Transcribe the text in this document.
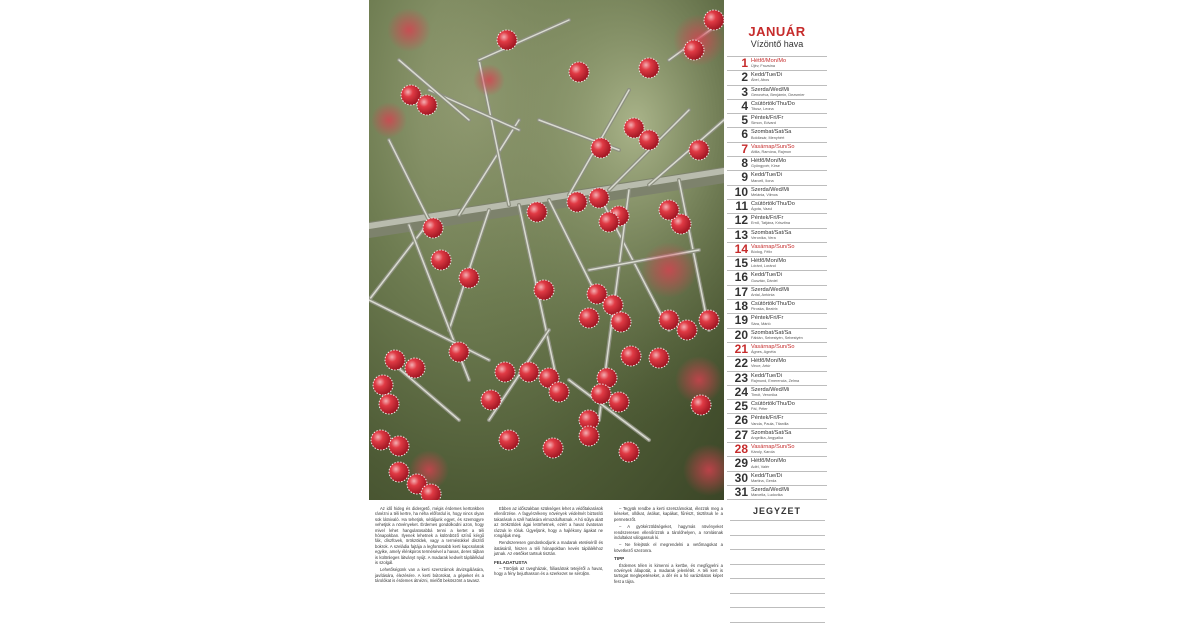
Az idő hideg és didergető, mégis érdemes kertünkben ránézni a téli kertre, ha néha előfordul is, hogy nincs olyan sok látnivaló. Ha tehetjük, sétáljunk egyet, és szemügyre vehetjük a növényeket. Érdemes gondolkodni azon, hogy mivel lehet hangulatosabbá tenni a kertet a téli hónapokban. Ilyenek lehetnek a különböző színű kérgű fák, díszfüvek, örökzöldek, vagy a termésükkel díszítő bokrok. A szeládia fajtája a legfontosabb kerti kapcsolatok egyike, amely élénkpiros termésével a havas, deres tájban is különleges látványt nyújt. A madarak kedvelt táplálékául is szolgál.

Lehetőségünk van a kerti szerszámok átvizsgálására, javítására, élezésére. A kerti bútorokat, a gépeket és a tárolókat is érdemes átnézni, mielőtt beköszönt a tavasz.

Ebben az időszakban szükséges lehet a védőtakarások ellenőrzése. A fagyérzékeny növények védelmét biztosító takarások a szél hatására elmozdulhatnak. A hó súlya alatt az örökzöldek ágai letörhetnek, ezért a havat óvatosan rázzuk le róluk. Ügyeljünk, hogy a hajlékony ágakat ne rongáljuk meg.

Rendszeresen gondoskodjunk a madarak etetéséről és itatásáról, hiszen a téli hónapokban kevés táplálékhoz jutnak. Az etetőket tartsuk tisztán.

FELADATUSTA

– Töröljük az üvegházak, fóliasátrak tetejéről a havat, hogy a fény bejuthasson és a szerkezet ne sérüljön.

– Tegyük rendbe a kerti szerszámokat, élezzük meg a késeket, ollókat, ásókat, kapákat, fűrészt, tisztítsuk le a permetezőt.

– A gyökérzöldségeket, hagymás növényeket rendszeresen ellenőrizzük a tárolóhelyen, a romlásnak indultakat válogassuk ki.

– Ne felejtsük el megrendelni a vetőmagokat a következő szezonra.

TIPP

Érdemes télen is kimenni a kertbe, és megfigyelni a növények állapotát, a madarak jelenlétét. A téli kert is tartogat meglepetéseket, a dér és a hó varázslatos képet fest a tájra.

JANUÁR
Vízöntő hava
1 Hétfő/Mon/Mo
Újév, Fruzsina
2 Kedd/Tue/Di
Ábel, Abos
3 Szerda/Wed/Mi
Genovéva, Benjámin, Dezsmíer
4 Csütörtök/Thu/Do
Titusz, Leona
5 Péntek/Fri/Fr
Simon, Edvard
6 Szombat/Sat/Sa
Boldizsár, Menyhért
7 Vasárnap/Sun/So
Attila, Ramóna, Rajmon
8 Hétfő/Mon/Mo
Gyöngyvér, Kirse
9 Kedd/Tue/Di
Marcell, Ilona
10 Szerda/Wed/Mi
Melánia, Vilmos
11 Csütörtök/Thu/Do
Ágota, Vazul
12 Péntek/Fri/Fr
Ernő, Tatjána, Krisztina
13 Szombat/Sat/Sa
Veronika, Vera
14 Vasárnap/Sun/So
Bódog, Félix
15 Hétfő/Mon/Mo
Lóránt, Loránd
16 Kedd/Tue/Di
Gusztáv, Dániel
17 Szerda/Wed/Mi
Antal, Antónia
18 Csütörtök/Thu/Do
Piroska, Beatrix
19 Péntek/Fri/Fr
Sára, Márió
20 Szombat/Sat/Sa
Fábián, Sebestyén, Sebestyén
21 Vasárnap/Sun/So
Ágnes, Agnéta
22 Hétfő/Mon/Mo
Vince, Artúr
23 Kedd/Tue/Di
Rajmund, Emerencia, Zelma
24 Szerda/Wed/Mi
Timót, Veronika
25 Csütörtök/Thu/Do
Pál, Péter
26 Péntek/Fri/Fr
Vanda, Paula, Titanilla
27 Szombat/Sat/Sa
Angelika, Angyalka
28 Vasárnap/Sun/So
Károly, Karola
29 Hétfő/Mon/Mo
Adél, Valér
30 Kedd/Tue/Di
Martina, Gerda
31 Szerda/Wed/Mi
Marcella, Ludovika
JEGYZET
